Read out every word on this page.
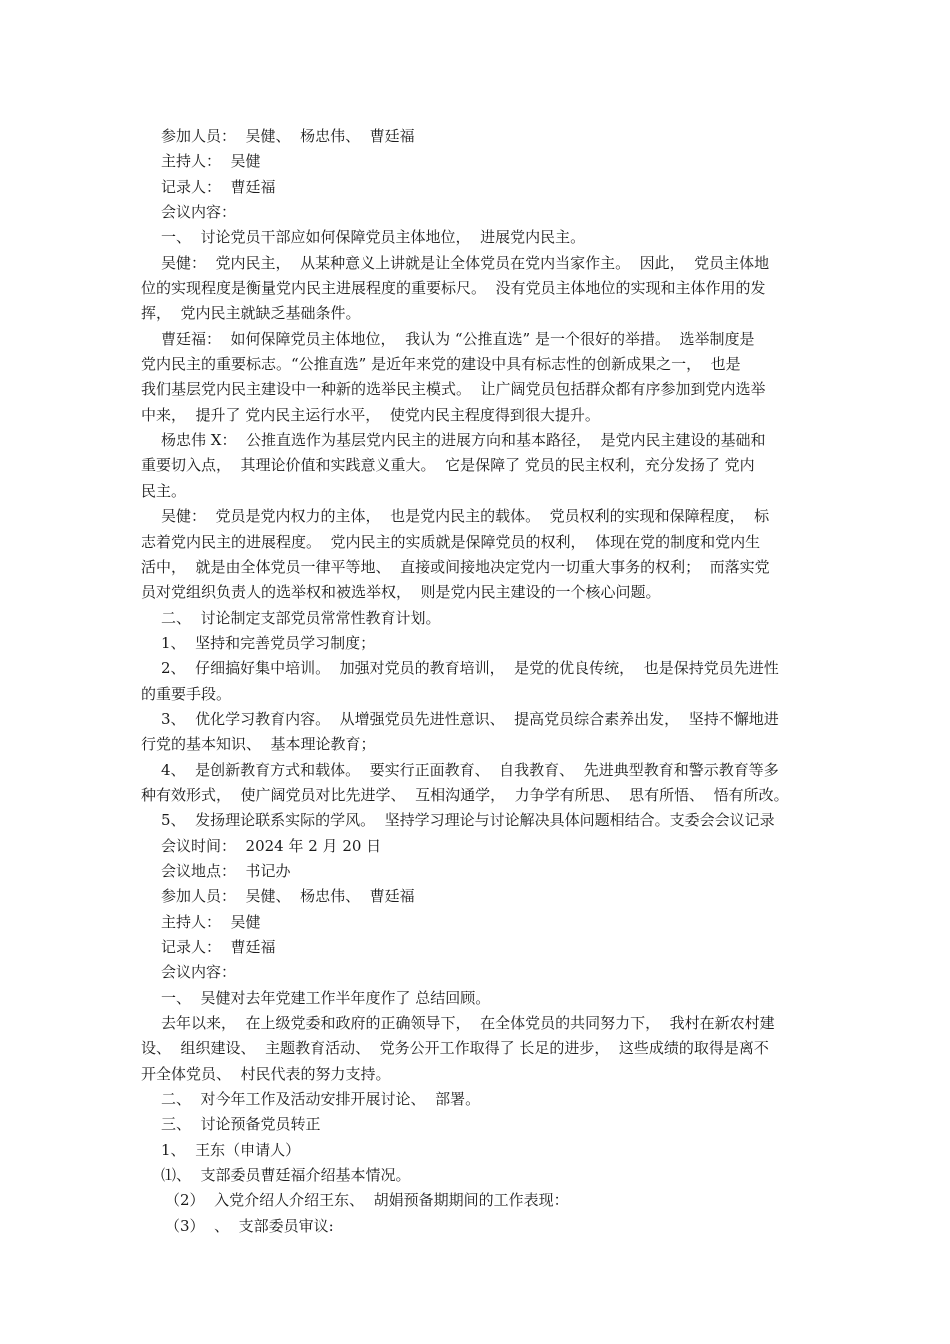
参加人员：  吴健、  杨忠伟、  曹廷福
主持人：  吴健
记录人：  曹廷福
会议内容：
一、  讨论党员干部应如何保障党员主体地位，  进展党内民主。
吴健：  党内民主，  从某种意义上讲就是让全体党员在党内当家作主。  因此，  党员主体地
位的实现程度是衡量党内民主进展程度的重要标尺。  没有党员主体地位的实现和主体作用的发
挥，  党内民主就缺乏基础条件。
曹廷福：  如何保障党员主体地位，  我认为 “公推直选” 是一个很好的举措。  选举制度是
党内民主的重要标志。“公推直选” 是近年来党的建设中具有标志性的创新成果之一，  也是
我们基层党内民主建设中一种新的选举民主模式。  让广阔党员包括群众都有序参加到党内选举
中来，  提升了 党内民主运行水平，  使党内民主程度得到很大提升。
杨忠伟 X：  公推直选作为基层党内民主的进展方向和基本路径，  是党内民主建设的基础和
重要切入点，  其理论价值和实践意义重大。  它是保障了 党员的民主权利，充分发扬了 党内
民主。
吴健：  党员是党内权力的主体，  也是党内民主的载体。  党员权利的实现和保障程度，  标
志着党内民主的进展程度。  党内民主的实质就是保障党员的权利，  体现在党的制度和党内生
活中，  就是由全体党员一律平等地、  直接或间接地决定党内一切重大事务的权利；  而落实党
员对党组织负责人的选举权和被选举权，  则是党内民主建设的一个核心问题。
二、  讨论制定支部党员常常性教育计划。
1、  坚持和完善党员学习制度；
2、  仔细搞好集中培训。  加强对党员的教育培训，  是党的优良传统，  也是保持党员先进性
的重要手段。
3、  优化学习教育内容。  从增强党员先进性意识、  提高党员综合素养出发，  坚持不懈地进
行党的基本知识、  基本理论教育；
4、  是创新教育方式和载体。  要实行正面教育、  自我教育、  先进典型教育和警示教育等多
种有效形式，  使广阔党员对比先进学、  互相沟通学，  力争学有所思、  思有所悟、  悟有所改。
5、  发扬理论联系实际的学风。  坚持学习理论与讨论解决具体问题相结合。支委会会议记录
会议时间：  2024 年 2 月 20 日
会议地点：  书记办
参加人员：  吴健、  杨忠伟、  曹廷福
主持人：  吴健
记录人：  曹廷福
会议内容：
一、  吴健对去年党建工作半年度作了 总结回顾。
去年以来，  在上级党委和政府的正确领导下，  在全体党员的共同努力下，  我村在新农村建
设、  组织建设、  主题教育活动、  党务公开工作取得了 长足的进步，  这些成绩的取得是离不
开全体党员、  村民代表的努力支持。
二、  对今年工作及活动安排开展讨论、  部署。
三、  讨论预备党员转正
1、  王东（申请人）
⑴、  支部委员曹廷福介绍基本情况。
（2）  入党介绍人介绍王东、  胡娟预备期期间的工作表现：
（3）  、  支部委员审议:
